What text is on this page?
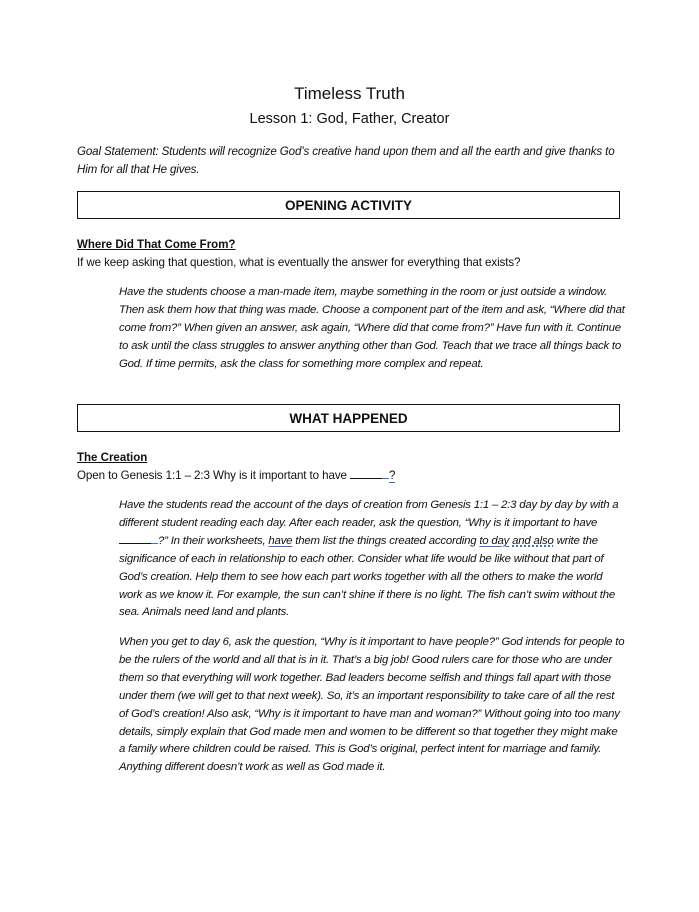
Timeless Truth
Lesson 1: God, Father, Creator
Goal Statement: Students will recognize God’s creative hand upon them and all the earth and give thanks to Him for all that He gives.
OPENING ACTIVITY
Where Did That Come From?
If we keep asking that question, what is eventually the answer for everything that exists?
Have the students choose a man-made item, maybe something in the room or just outside a window. Then ask them how that thing was made. Choose a component part of the item and ask, “Where did that come from?” When given an answer, ask again, “Where did that come from?” Have fun with it. Continue to ask until the class struggles to answer anything other than God. Teach that we trace all things back to God. If time permits, ask the class for something more complex and repeat.
WHAT HAPPENED
The Creation
Open to Genesis 1:1 – 2:3 Why is it important to have	?
Have the students read the account of the days of creation from Genesis 1:1 – 2:3 day by day by with a different student reading each day. After each reader, ask the question, “Why is it important to have ?” In their worksheets, have them list the things created according to day and also write the significance of each in relationship to each other. Consider what life would be like without that part of God’s creation. Help them to see how each part works together with all the others to make the world work as we know it. For example, the sun can’t shine if there is no light. The fish can’t swim without the sea. Animals need land and plants.
When you get to day 6, ask the question, “Why is it important to have people?” God intends for people to be the rulers of the world and all that is in it. That’s a big job! Good rulers care for those who are under them so that everything will work together. Bad leaders become selfish and things fall apart with those under them (we will get to that next week). So, it’s an important responsibility to take care of all the rest of God’s creation! Also ask, “Why is it important to have man and woman?” Without going into too many details, simply explain that God made men and women to be different so that together they might make a family where children could be raised. This is God’s original, perfect intent for marriage and family. Anything different doesn’t work as well as God made it.
